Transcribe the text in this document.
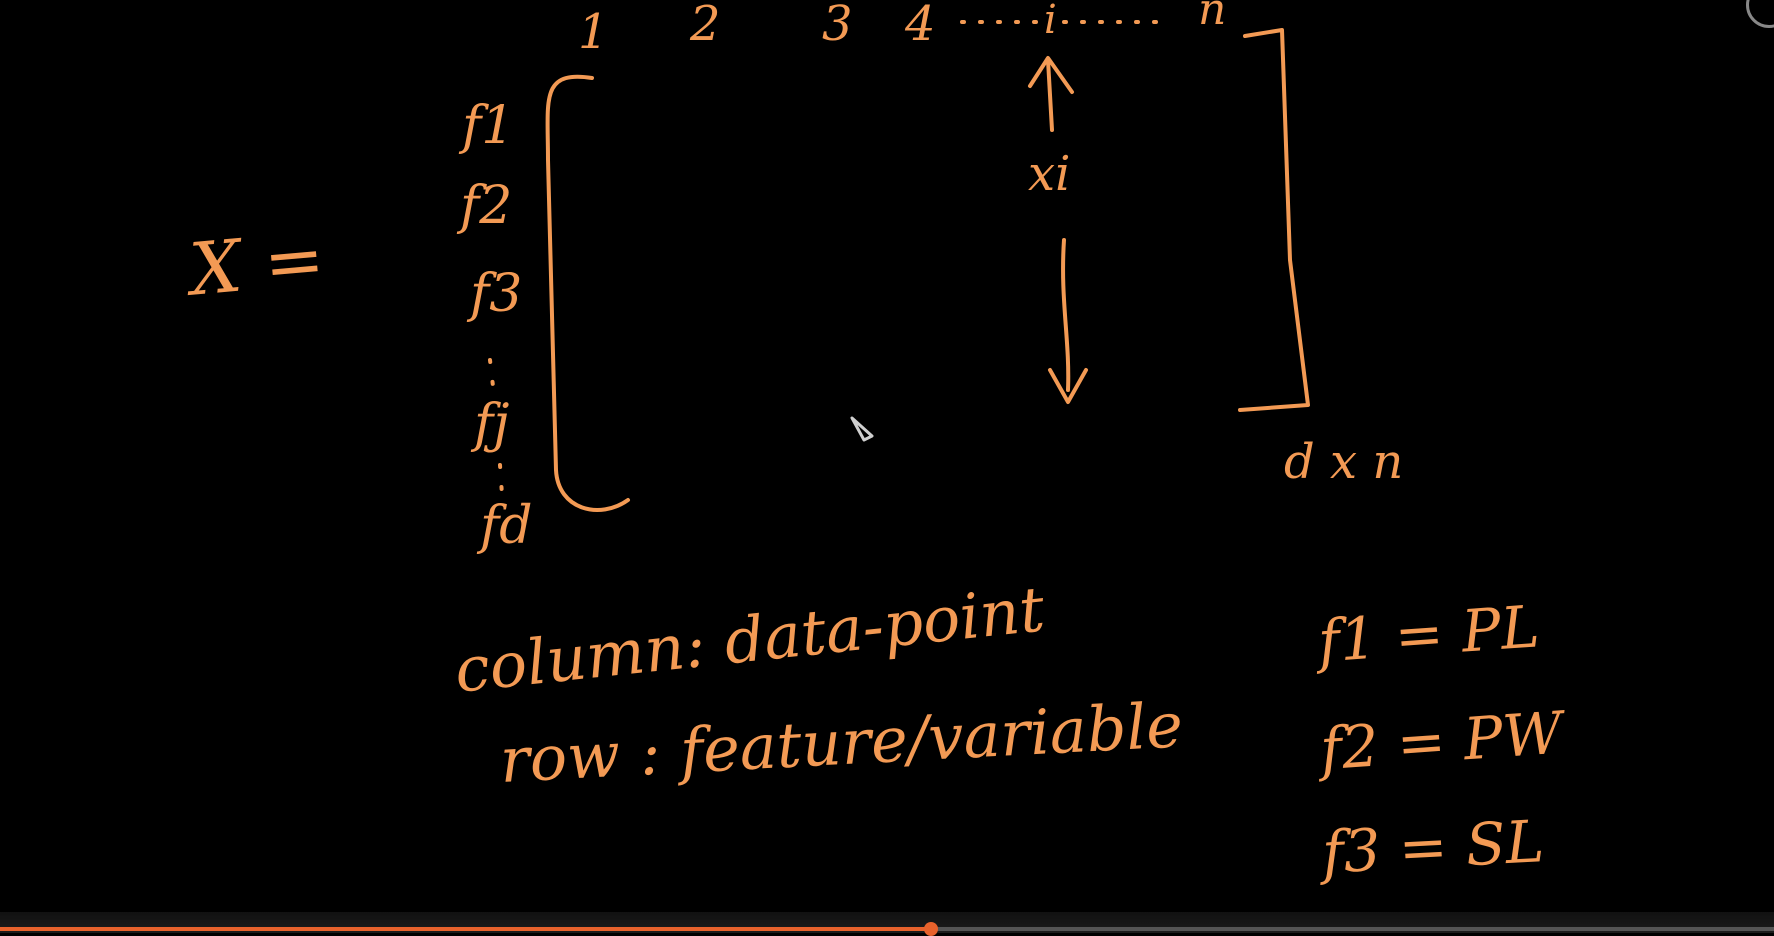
X =
1 2 3 4	i	n
xi
f1
f2
f3
fj
fd
d x n
column: data-point
row : feature/variable
f1 = PL
f2 = PW
f3 = SL
